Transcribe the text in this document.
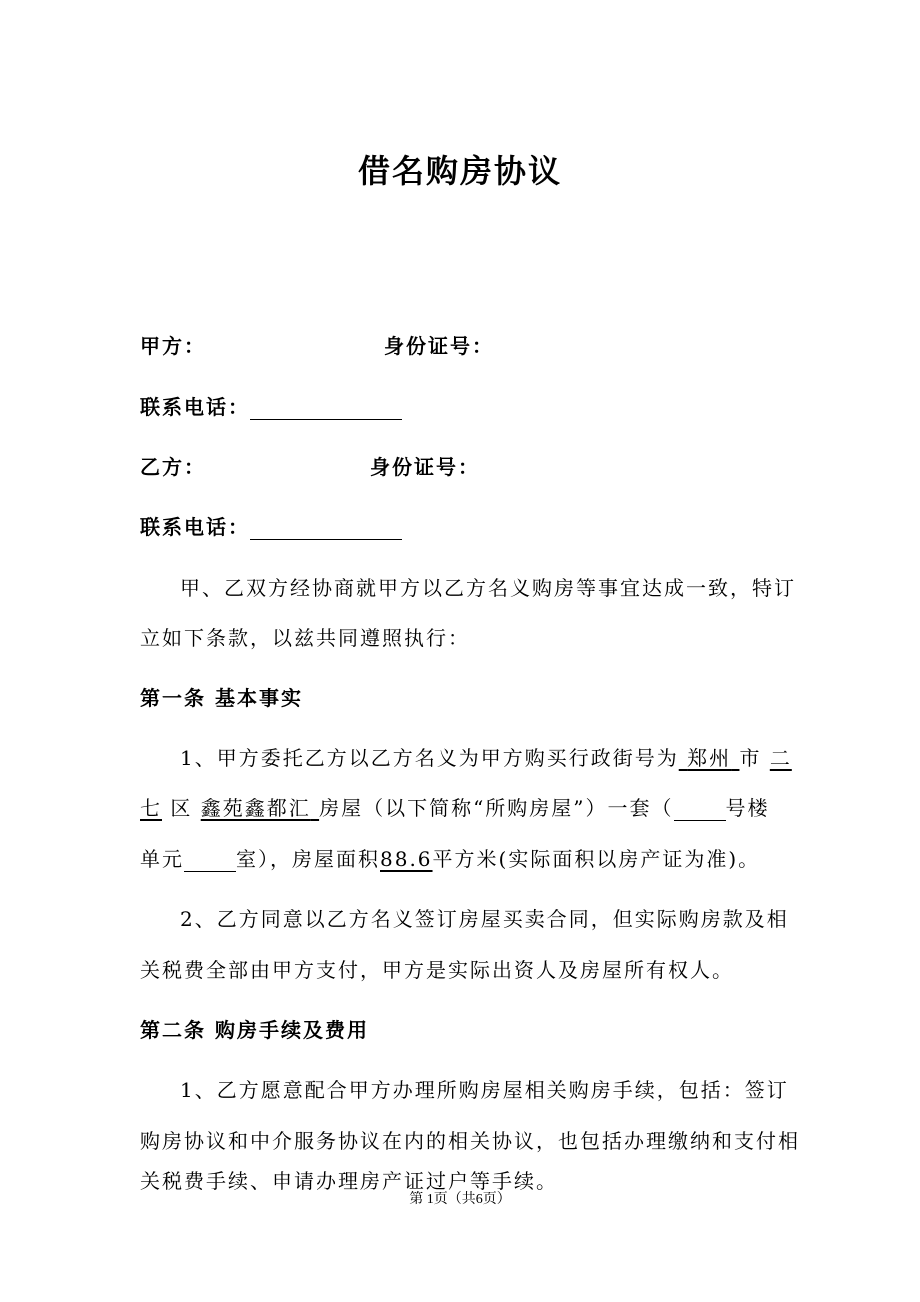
借名购房协议
甲方：	身份证号：
联系电话：
乙方：	身份证号：
联系电话：
甲、乙双方经协商就甲方以乙方名义购房等事宜达成一致，特订
立如下条款，以兹共同遵照执行：
第一条 基本事实
1、甲方委托乙方以乙方名义为甲方购买行政街号为 郑州 市 二
七 区 鑫苑鑫都汇 房屋（以下简称“所购房屋”）一套（	号楼
单元	室），房屋面积88.6平方米(实际面积以房产证为准)。
2、乙方同意以乙方名义签订房屋买卖合同，但实际购房款及相
关税费全部由甲方支付，甲方是实际出资人及房屋所有权人。
第二条 购房手续及费用
1、乙方愿意配合甲方办理所购房屋相关购房手续，包括：签订
购房协议和中介服务协议在内的相关协议，也包括办理缴纳和支付相
关税费手续、申请办理房产证过户等手续。
第 1页（共6页）
